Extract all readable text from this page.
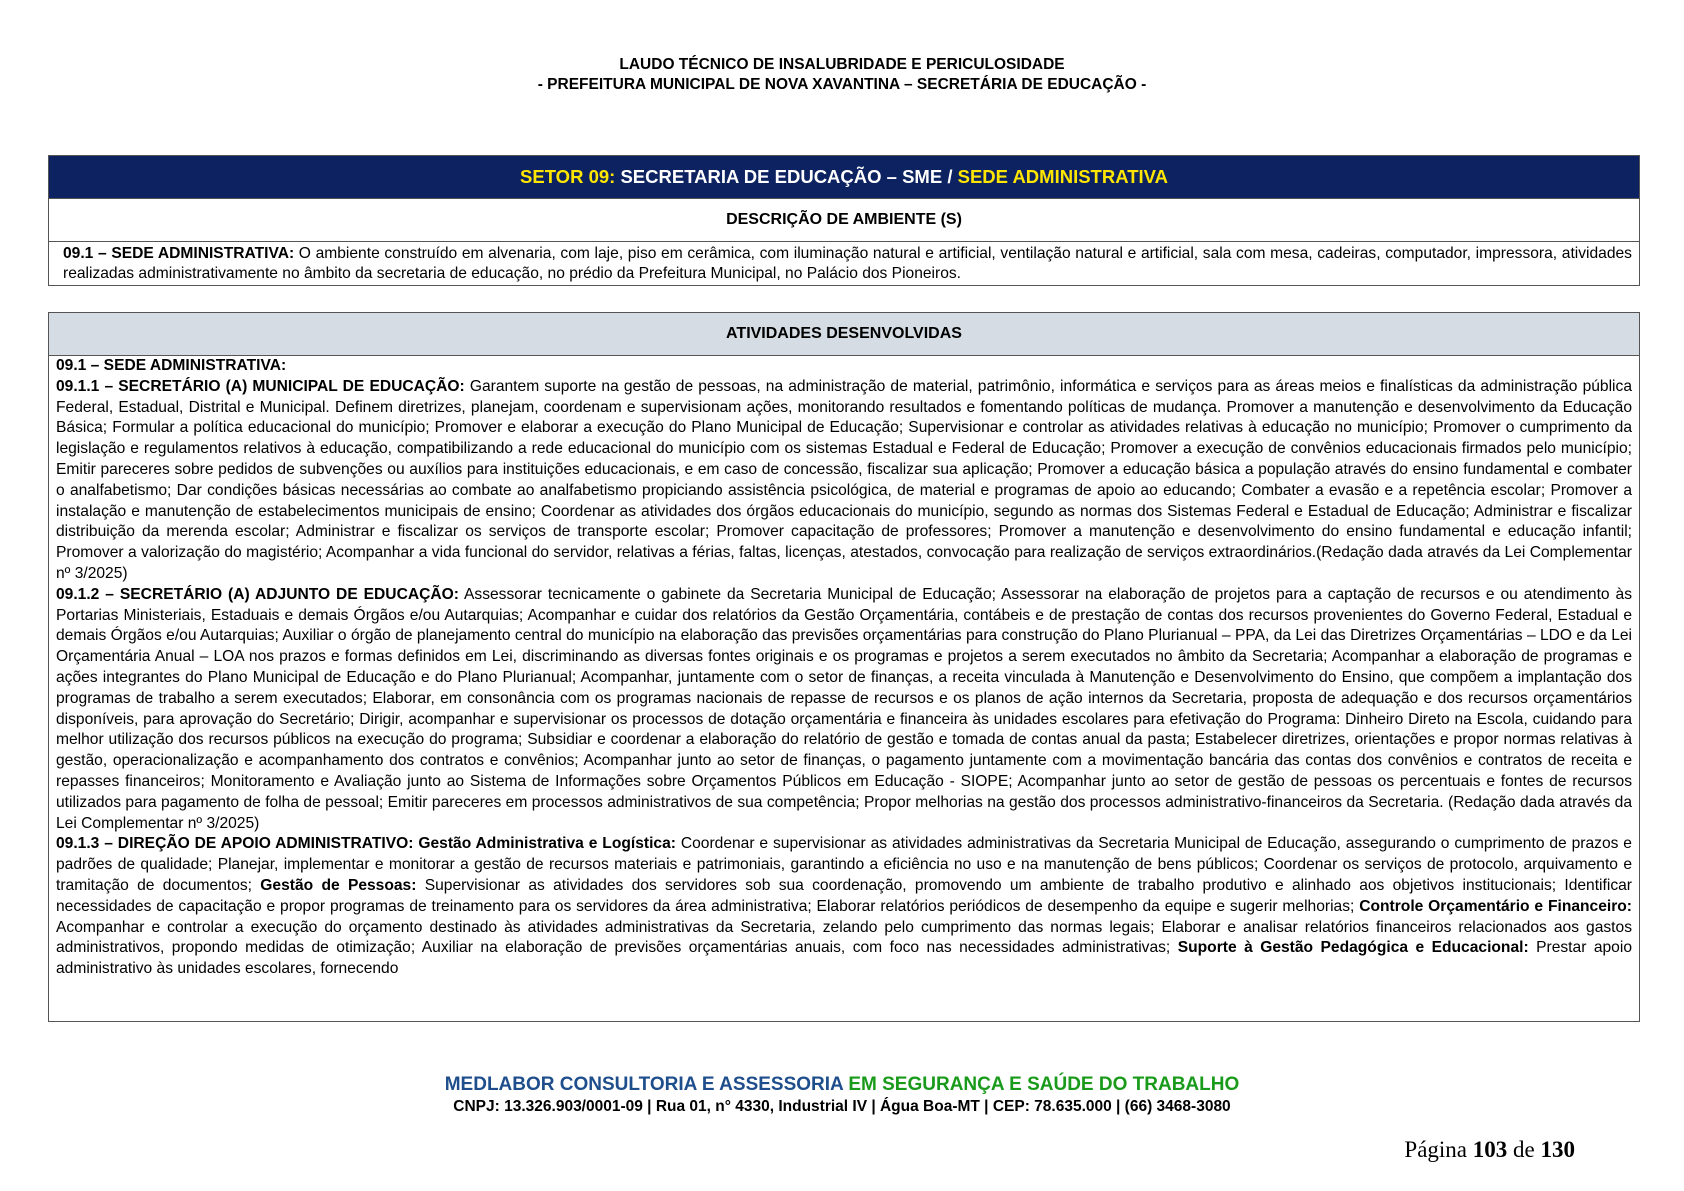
LAUDO TÉCNICO DE INSALUBRIDADE E PERICULOSIDADE
- PREFEITURA MUNICIPAL DE NOVA XAVANTINA – SECRETÁRIA DE EDUCAÇÃO -
SETOR 09: SECRETARIA DE EDUCAÇÃO – SME / SEDE ADMINISTRATIVA
DESCRIÇÃO DE AMBIENTE (S)
09.1 – SEDE ADMINISTRATIVA: O ambiente construído em alvenaria, com laje, piso em cerâmica, com iluminação natural e artificial, ventilação natural e artificial, sala com mesa, cadeiras, computador, impressora, atividades realizadas administrativamente no âmbito da secretaria de educação, no prédio da Prefeitura Municipal, no Palácio dos Pioneiros.
ATIVIDADES DESENVOLVIDAS

09.1 – SEDE ADMINISTRATIVA:

09.1.1 – SECRETÁRIO (A) MUNICIPAL DE EDUCAÇÃO: Garantem suporte na gestão de pessoas, na administração de material, patrimônio, informática e serviços para as áreas meios e finalísticas da administração pública Federal, Estadual, Distrital e Municipal. Definem diretrizes, planejam, coordenam e supervisionam ações, monitorando resultados e fomentando políticas de mudança. Promover a manutenção e desenvolvimento da Educação Básica; Formular a política educacional do município; Promover e elaborar a execução do Plano Municipal de Educação; Supervisionar e controlar as atividades relativas à educação no município; Promover o cumprimento da legislação e regulamentos relativos à educação, compatibilizando a rede educacional do município com os sistemas Estadual e Federal de Educação; Promover a execução de convênios educacionais firmados pelo município; Emitir pareceres sobre pedidos de subvenções ou auxílios para instituições educacionais, e em caso de concessão, fiscalizar sua aplicação; Promover a educação básica a população através do ensino fundamental e combater o analfabetismo; Dar condições básicas necessárias ao combate ao analfabetismo propiciando assistência psicológica, de material e programas de apoio ao educando; Combater a evasão e a repetência escolar; Promover a instalação e manutenção de estabelecimentos municipais de ensino; Coordenar as atividades dos órgãos educacionais do município, segundo as normas dos Sistemas Federal e Estadual de Educação; Administrar e fiscalizar distribuição da merenda escolar; Administrar e fiscalizar os serviços de transporte escolar; Promover capacitação de professores; Promover a manutenção e desenvolvimento do ensino fundamental e educação infantil; Promover a valorização do magistério; Acompanhar a vida funcional do servidor, relativas a férias, faltas, licenças, atestados, convocação para realização de serviços extraordinários.(Redação dada através da Lei Complementar nº 3/2025)

09.1.2 – SECRETÁRIO (A) ADJUNTO DE EDUCAÇÃO: Assessorar tecnicamente o gabinete da Secretaria Municipal de Educação; Assessorar na elaboração de projetos para a captação de recursos e ou atendimento às Portarias Ministeriais, Estaduais e demais Órgãos e/ou Autarquias; Acompanhar e cuidar dos relatórios da Gestão Orçamentária, contábeis e de prestação de contas dos recursos provenientes do Governo Federal, Estadual e demais Órgãos e/ou Autarquias; Auxiliar o órgão de planejamento central do município na elaboração das previsões orçamentárias para construção do Plano Plurianual – PPA, da Lei das Diretrizes Orçamentárias – LDO e da Lei Orçamentária Anual – LOA nos prazos e formas definidos em Lei, discriminando as diversas fontes originais e os programas e projetos a serem executados no âmbito da Secretaria; Acompanhar a elaboração de programas e ações integrantes do Plano Municipal de Educação e do Plano Plurianual; Acompanhar, juntamente com o setor de finanças, a receita vinculada à Manutenção e Desenvolvimento do Ensino, que compõem a implantação dos programas de trabalho a serem executados; Elaborar, em consonância com os programas nacionais de repasse de recursos e os planos de ação internos da Secretaria, proposta de adequação e dos recursos orçamentários disponíveis, para aprovação do Secretário; Dirigir, acompanhar e supervisionar os processos de dotação orçamentária e financeira às unidades escolares para efetivação do Programa: Dinheiro Direto na Escola, cuidando para melhor utilização dos recursos públicos na execução do programa; Subsidiar e coordenar a elaboração do relatório de gestão e tomada de contas anual da pasta; Estabelecer diretrizes, orientações e propor normas relativas à gestão, operacionalização e acompanhamento dos contratos e convênios; Acompanhar junto ao setor de finanças, o pagamento juntamente com a movimentação bancária das contas dos convênios e contratos de receita e repasses financeiros; Monitoramento e Avaliação junto ao Sistema de Informações sobre Orçamentos Públicos em Educação - SIOPE; Acompanhar junto ao setor de gestão de pessoas os percentuais e fontes de recursos utilizados para pagamento de folha de pessoal; Emitir pareceres em processos administrativos de sua competência; Propor melhorias na gestão dos processos administrativo-financeiros da Secretaria. (Redação dada através da Lei Complementar nº 3/2025)

09.1.3 – DIREÇÃO DE APOIO ADMINISTRATIVO: Gestão Administrativa e Logística: Coordenar e supervisionar as atividades administrativas da Secretaria Municipal de Educação, assegurando o cumprimento de prazos e padrões de qualidade; Planejar, implementar e monitorar a gestão de recursos materiais e patrimoniais, garantindo a eficiência no uso e na manutenção de bens públicos; Coordenar os serviços de protocolo, arquivamento e tramitação de documentos; Gestão de Pessoas: Supervisionar as atividades dos servidores sob sua coordenação, promovendo um ambiente de trabalho produtivo e alinhado aos objetivos institucionais; Identificar necessidades de capacitação e propor programas de treinamento para os servidores da área administrativa; Elaborar relatórios periódicos de desempenho da equipe e sugerir melhorias; Controle Orçamentário e Financeiro: Acompanhar e controlar a execução do orçamento destinado às atividades administrativas da Secretaria, zelando pelo cumprimento das normas legais; Elaborar e analisar relatórios financeiros relacionados aos gastos administrativos, propondo medidas de otimização; Auxiliar na elaboração de previsões orçamentárias anuais, com foco nas necessidades administrativas; Suporte à Gestão Pedagógica e Educacional: Prestar apoio administrativo às unidades escolares, fornecendo

MEDLABOR CONSULTORIA E ASSESSORIA EM SEGURANÇA E SAÚDE DO TRABALHO
CNPJ: 13.326.903/0001-09 | Rua 01, n° 4330, Industrial IV | Água Boa-MT | CEP: 78.635.000 | (66) 3468-3080
Página 103 de 130
